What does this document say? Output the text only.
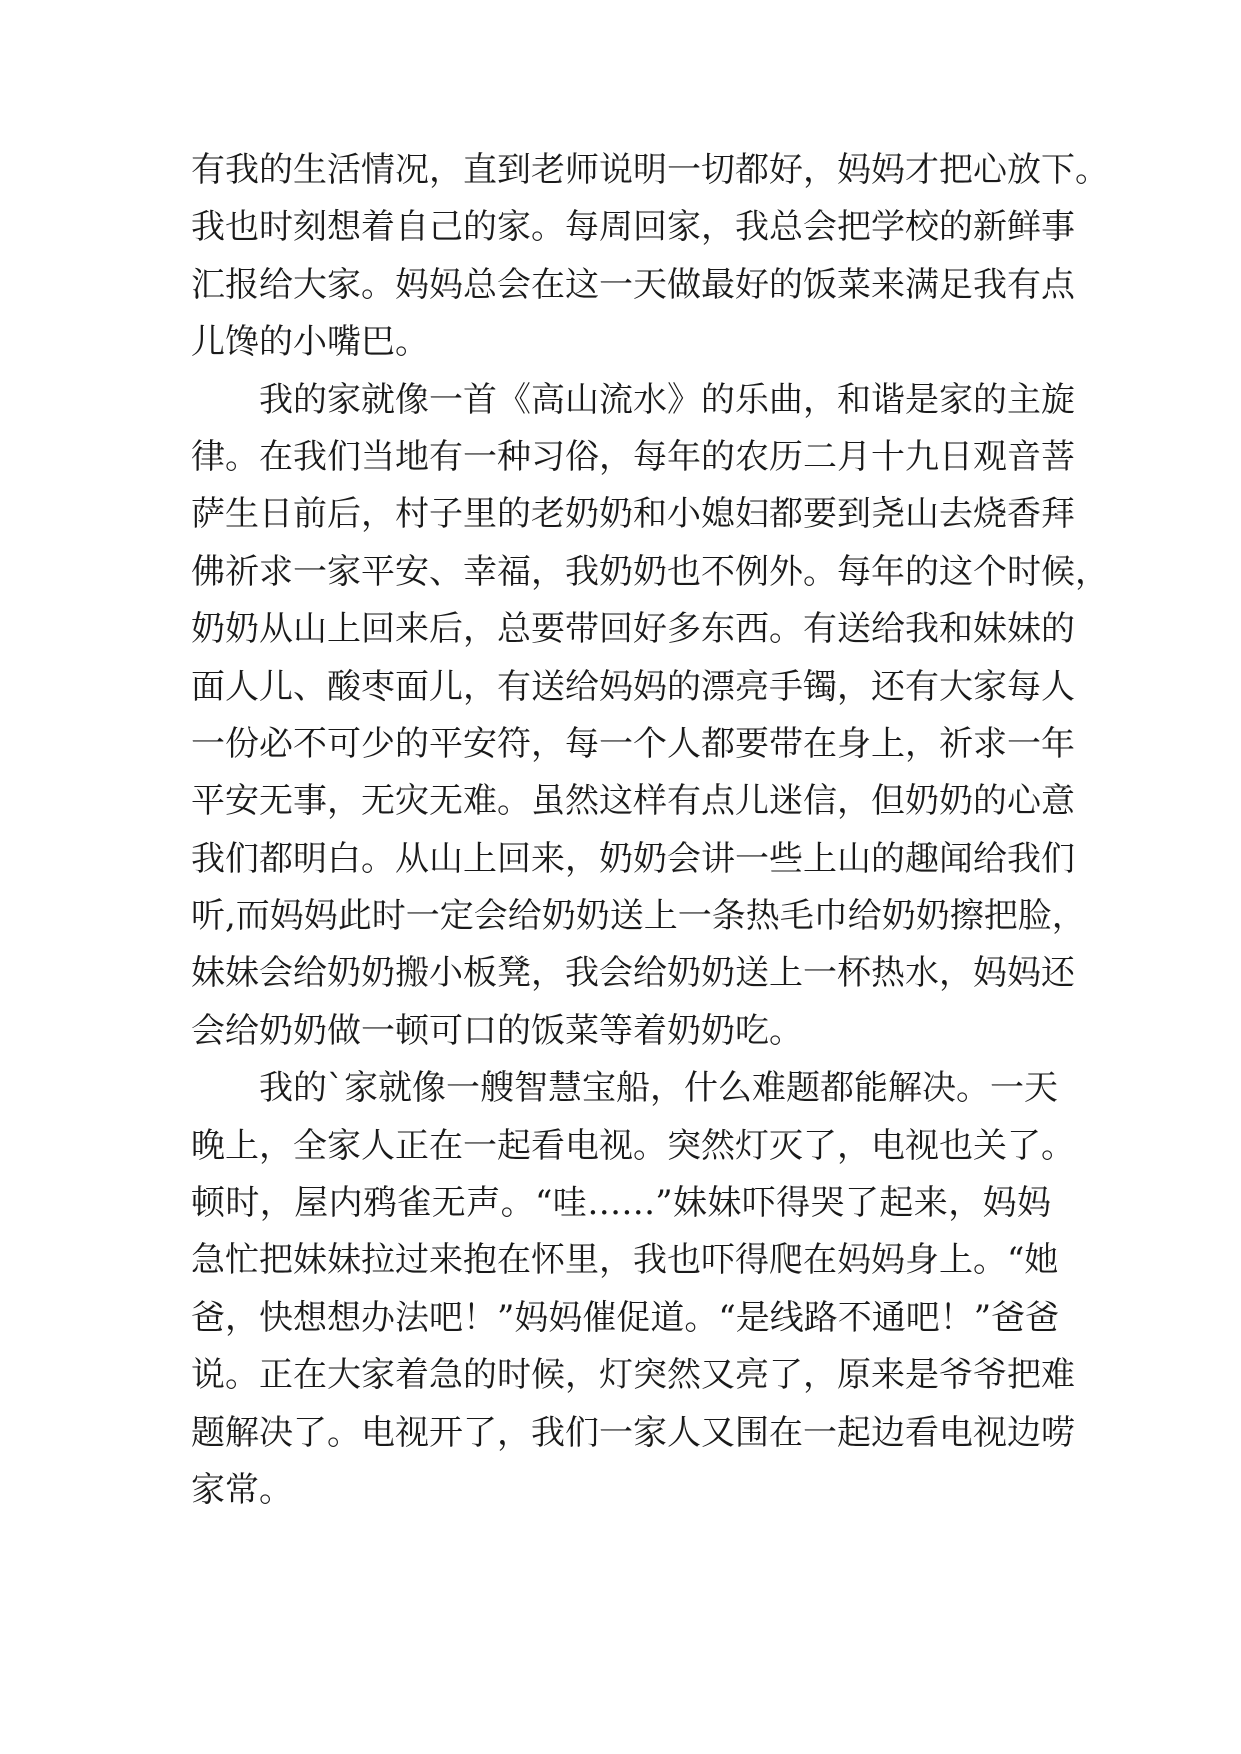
有我的生活情况，直到老师说明一切都好，妈妈才把心放下。
我也时刻想着自己的家。每周回家，我总会把学校的新鲜事
汇报给大家。妈妈总会在这一天做最好的饭菜来满足我有点
儿馋的小嘴巴。
我的家就像一首《高山流水》的乐曲，和谐是家的主旋
律。在我们当地有一种习俗，每年的农历二月十九日观音菩
萨生日前后，村子里的老奶奶和小媳妇都要到尧山去烧香拜
佛祈求一家平安、幸福，我奶奶也不例外。每年的这个时候，
奶奶从山上回来后，总要带回好多东西。有送给我和妹妹的
面人儿、酸枣面儿，有送给妈妈的漂亮手镯，还有大家每人
一份必不可少的平安符，每一个人都要带在身上，祈求一年
平安无事，无灾无难。虽然这样有点儿迷信，但奶奶的心意
我们都明白。从山上回来，奶奶会讲一些上山的趣闻给我们
听,而妈妈此时一定会给奶奶送上一条热毛巾给奶奶擦把脸，
妹妹会给奶奶搬小板凳，我会给奶奶送上一杯热水，妈妈还
会给奶奶做一顿可口的饭菜等着奶奶吃。
我的`家就像一艘智慧宝船，什么难题都能解决。一天
晚上，全家人正在一起看电视。突然灯灭了，电视也关了。
顿时，屋内鸦雀无声。“哇……”妹妹吓得哭了起来，妈妈
急忙把妹妹拉过来抱在怀里，我也吓得爬在妈妈身上。“她
爸，快想想办法吧！”妈妈催促道。“是线路不通吧！”爸爸
说。正在大家着急的时候，灯突然又亮了，原来是爷爷把难
题解决了。电视开了，我们一家人又围在一起边看电视边唠
家常。
